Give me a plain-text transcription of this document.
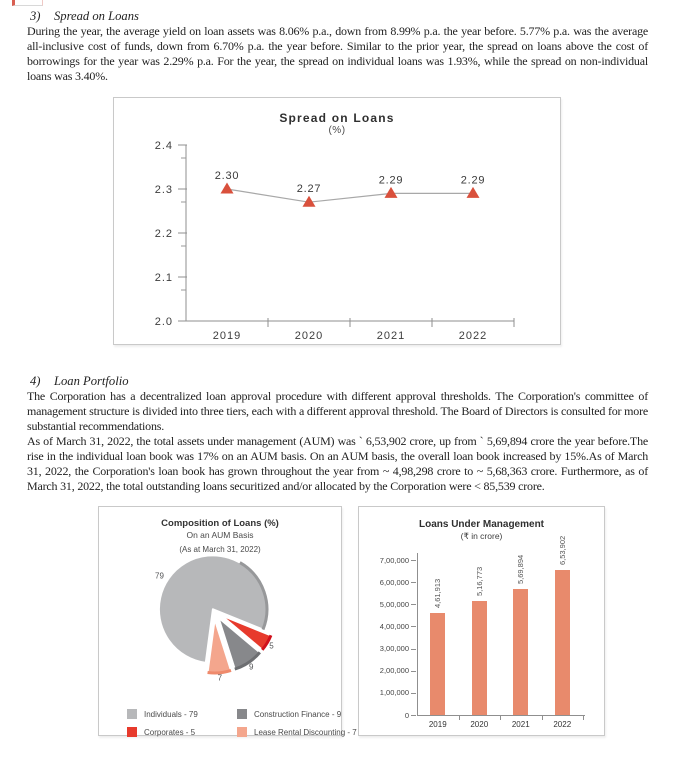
3) Spread on Loans

During the year, the average yield on loan assets was 8.06% p.a., down from 8.99% p.a. the year before. 5.77% p.a. was the average all-inclusive cost of funds, down from 6.70% p.a. the year before. Similar to the prior year, the spread on loans above the cost of borrowings for the year was 2.29% p.a. For the year, the spread on individual loans was 1.93%, while the spread on non-individual loans was 3.40%.

Spread on Loans
(%)
2.4
2.3
2.2
2.1
2.0
2019	2020	2021	2022
2.30
2.27
2.29	2.29
4) Loan Portfolio

The Corporation has a decentralized loan approval procedure with different approval thresholds. The Corporation's committee of management structure is divided into three tiers, each with a different approval threshold. The Board of Directors is consulted for more substantial recommendations.

As of March 31, 2022, the total assets under management (AUM) was ` 6,53,902 crore, up from ` 5,69,894 crore the year before.The rise in the individual loan book was 17% on an AUM basis. On an AUM basis, the overall loan book increased by 15%.As of March 31, 2022, the Corporation's loan book has grown throughout the year from ~ 4,98,298 crore to ~ 5,68,363 crore. Furthermore, as of March 31, 2022, the total outstanding loans securitized and/or allocated by the Corporation were < 85,539 crore.

Composition of Loans (%)
On an AUM Basis
(As at March 31, 2022)
79
5
9
7
Individuals - 79	Construction Finance - 9
Corporates - 5	Lease Rental Discounting - 7
Loans Under Management
(₹ in crore)
7,00,000
6,00,000
5,00,000
4,00,000
3,00,000
2,00,000
1,00,000
0
4,61,913
2019
5,16,773
2020
5,69,894
2021
6,53,902
2022
